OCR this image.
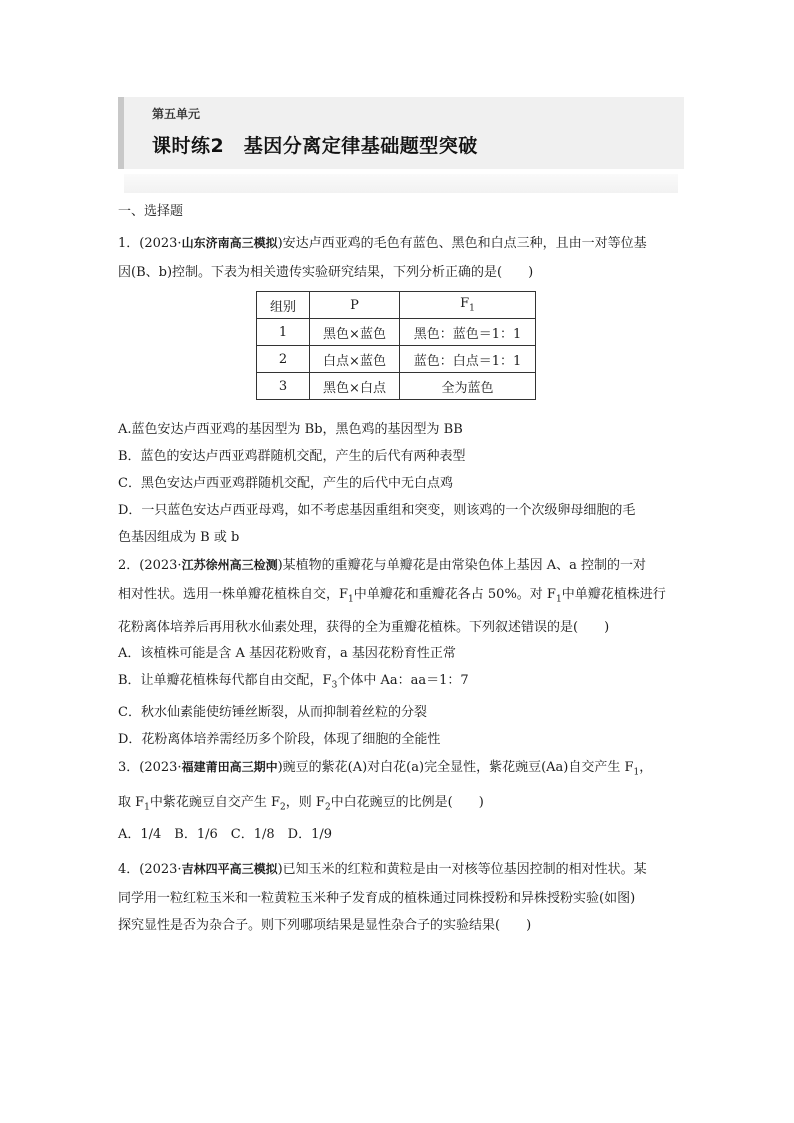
第五单元
课时练2　基因分离定律基础题型突破

一、选择题

1．(2023·山东济南高三模拟)安达卢西亚鸡的毛色有蓝色、黑色和白点三种，且由一对等位基

因(B、b)控制。下表为相关遗传实验研究结果，下列分析正确的是(　　)

组别	P	$F_1$
1	黑色×蓝色	黑色：蓝色＝1：1
2	白点×蓝色	蓝色：白点＝1：1
3	黑色×白点	全为蓝色

A.蓝色安达卢西亚鸡的基因型为 Bb，黑色鸡的基因型为 BB

B．蓝色的安达卢西亚鸡群随机交配，产生的后代有两种表型

C．黑色安达卢西亚鸡群随机交配，产生的后代中无白点鸡

D．一只蓝色安达卢西亚母鸡，如不考虑基因重组和突变，则该鸡的一个次级卵母细胞的毛

色基因组成为 B 或 b

2．(2023·江苏徐州高三检测)某植物的重瓣花与单瓣花是由常染色体上基因 A、a 控制的一对

相对性状。选用一株单瓣花植株自交，$F_1$中单瓣花和重瓣花各占 50%。对 $F_1$中单瓣花植株进行

花粉离体培养后再用秋水仙素处理，获得的全为重瓣花植株。下列叙述错误的是(　　)

A．该植株可能是含 A 基因花粉败育，a 基因花粉育性正常

B．让单瓣花植株每代都自由交配，$F_3$个体中 Aa：aa＝1：7

C．秋水仙素能使纺锤丝断裂，从而抑制着丝粒的分裂

D．花粉离体培养需经历多个阶段，体现了细胞的全能性

3．(2023·福建莆田高三期中)豌豆的紫花(A)对白花(a)完全显性，紫花豌豆(Aa)自交产生 $F_1$，

取 $F_1$中紫花豌豆自交产生 $F_2$，则 $F_2$中白花豌豆的比例是(　　)

A．1/4　B．1/6　C．1/8　D．1/9

4．(2023·吉林四平高三模拟)已知玉米的红粒和黄粒是由一对核等位基因控制的相对性状。某

同学用一粒红粒玉米和一粒黄粒玉米种子发育成的植株通过同株授粉和异株授粉实验(如图)

探究显性是否为杂合子。则下列哪项结果是显性杂合子的实验结果(　　)
